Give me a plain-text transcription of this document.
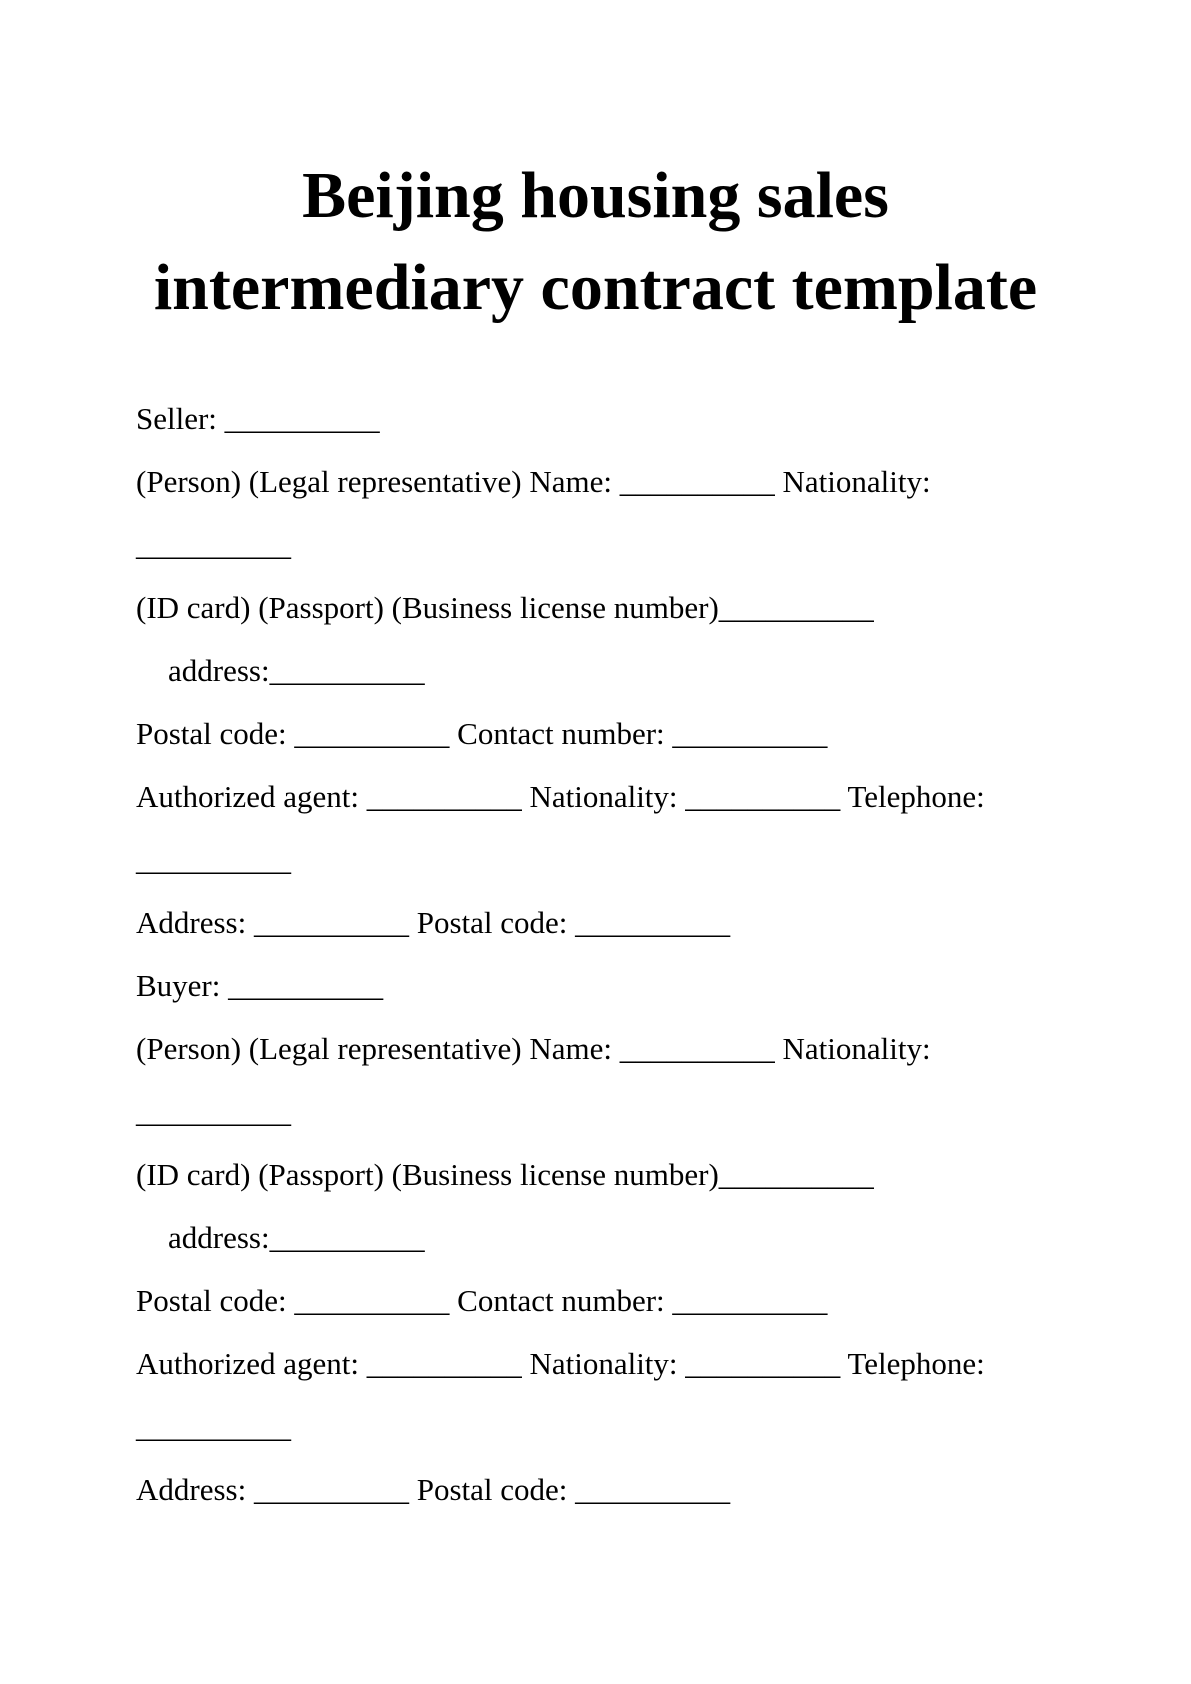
Beijing housing sales
intermediary contract template

Seller: __________

(Person) (Legal representative) Name: __________ Nationality:

__________

(ID card) (Passport) (Business license number)__________

address:__________

Postal code: __________ Contact number: __________

Authorized agent: __________ Nationality: __________ Telephone:

__________

Address: __________ Postal code: __________

Buyer: __________

(Person) (Legal representative) Name: __________ Nationality:

__________

(ID card) (Passport) (Business license number)__________

address:__________

Postal code: __________ Contact number: __________

Authorized agent: __________ Nationality: __________ Telephone:

__________

Address: __________ Postal code: __________
